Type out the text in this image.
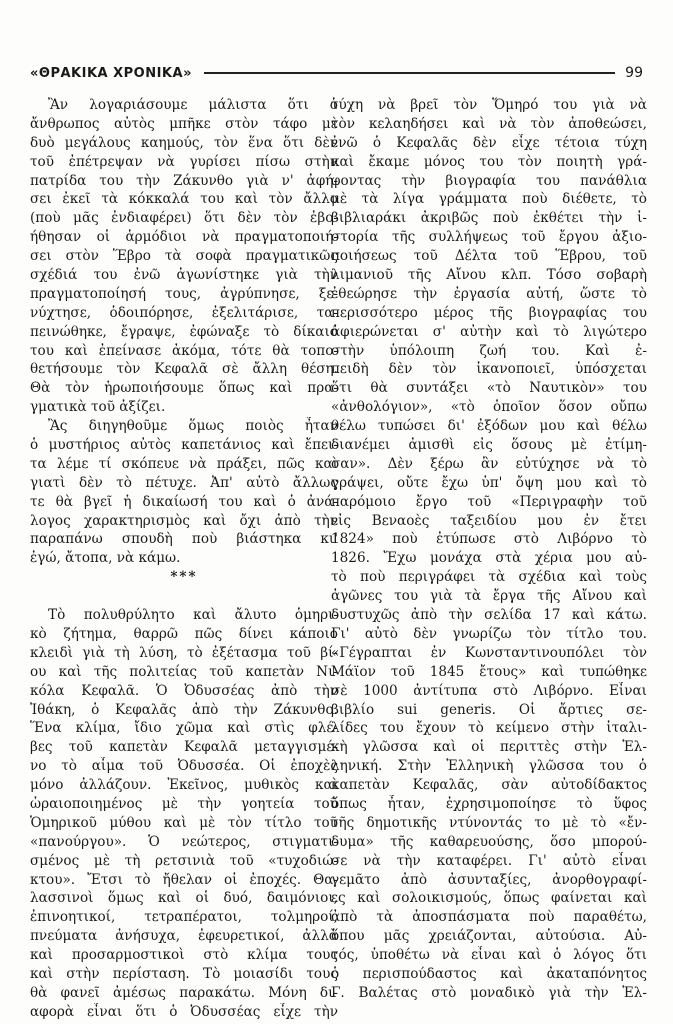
«ΘΡΑΚΙΚΑ ΧΡΟΝΙΚΑ»	99
Ἂν λογαριάσουμε μάλιστα ὅτι ὁ
ἄνθρωπος αὐτὸς μπῆκε στὸν τάφο μὲ
δυὸ μεγάλους καημούς, τὸν ἕνα ὅτι δὲν
τοῦ ἐπέτρεψαν νὰ γυρίσει πίσω στὴν
πατρίδα του τὴν Ζάκυνθο γιὰ ν' ἀφή-
σει ἐκεῖ τὰ κόκκαλά του καὶ τὸν ἄλλο
(ποὺ μᾶς ἐνδιαφέρει) ὅτι δὲν τὸν ἐβο-
ήθησαν οἱ ἁρμόδιοι νὰ πραγματοποιή-
σει στὸν Ἕβρο τὰ σοφὰ πραγματικῶς
σχέδιά του ἐνῶ ἀγωνίστηκε γιὰ τὴν
πραγματοποίησή τους, ἀγρύπνησε, ξε-
νύχτησε, ὁδοιπόρησε, ἐξελιτάρισε, τα-
πεινώθηκε, ἔγραψε, ἐφώναξε τὸ δίκαιό
του καὶ ἐπείνασε ἀκόμα, τότε θὰ τοπο-
θετήσουμε τὸν Κεφαλᾶ σὲ ἄλλη θέση.
Θὰ τὸν ἡρωποιήσουμε ὅπως καὶ πρα-
γματικὰ τοῦ ἀξίζει.
Ἂς διηγηθοῦμε ὅμως ποιὸς ἦταν
ὁ μυστήριος αὐτὸς καπετάνιος καὶ ἔπει-
τα λέμε τί σκόπευε νὰ πράξει, πῶς καὶ
γιατὶ δὲν τὸ πέτυχε. Ἀπ' αὐτὸ ἄλλως
τε θὰ βγεῖ ἡ δικαίωσή του καὶ ὁ ἀνά-
λογος χαρακτηρισμὸς καὶ ὄχι ἀπὸ τὴν
παραπάνω σπουδὴ ποὺ βιάστηκα κι'
ἐγώ, ἄτοπα, νὰ κάμω.
***
Τὸ πολυθρύλητο καὶ ἄλυτο ὁμηρι-
κὸ ζήτημα, θαρρῶ πῶς δίνει κάποιο
κλειδὶ γιὰ τὴ λύση, τὸ ἐξέτασμα τοῦ βί-
ου καὶ τῆς πολιτείας τοῦ καπετὰν Νι-
κόλα Κεφαλᾶ. Ὁ Ὀδυσσέας ἀπὸ τὴν
Ἰθάκη, ὁ Κεφαλᾶς ἀπὸ τὴν Ζάκυνθο.
Ἕνα κλίμα, ἴδιο χῶμα καὶ στὶς φλέ-
βες τοῦ καπετὰν Κεφαλᾶ μεταγγισμέ-
νο τὸ αἷμα τοῦ Ὀδυσσέα. Οἱ ἐποχὲς
μόνο ἀλλάζουν. Ἐκεῖνος, μυθικὸς καὶ
ὡραιοποιημένος μὲ τὴν γοητεία τοῦ
Ὁμηρικοῦ μύθου καὶ μὲ τὸν τίτλο τοῦ
«πανούργου». Ὁ νεώτερος, στιγματι-
σμένος μὲ τὴ ρετσινιὰ τοῦ «τυχοδιώ-
κτου». Ἔτσι τὸ ἤθελαν οἱ ἐποχές. Θα-
λασσινοὶ ὅμως καὶ οἱ δυό, δαιμόνιοι,
ἐπινοητικοί, τετραπέρατοι, τολμηροί,
πνεύματα ἀνήσυχα, ἐφευρετικοί, ἀλλὰ
καὶ προσαρμοστικοὶ στὸ κλίμα τους
καὶ στὴν περίσταση. Τὸ μοιασίδι τους
θὰ φανεῖ ἀμέσως παρακάτω. Μόνη δι-
αφορὰ εἶναι ὅτι ὁ Ὀδυσσέας εἶχε τὴν
τύχη νὰ βρεῖ τὸν Ὅμηρό του γιὰ νὰ
τὸν κελαηδήσει καὶ νὰ τὸν ἀποθεώσει,
ἐνῶ ὁ Κεφαλᾶς δὲν εἶχε τέτοια τύχη
καὶ ἔκαμε μόνος του τὸν ποιητὴ γρά-
φοντας τὴν βιογραφία του πανάθλια
μὲ τὰ λίγα γράμματα ποὺ διέθετε, τὸ
βιβλιαράκι ἀκριβῶς ποὺ ἐκθέτει τὴν ἱ-
στορία τῆς συλλήψεως τοῦ ἔργου ἀξιο-
ποιήσεως τοῦ Δέλτα τοῦ Ἕβρου, τοῦ
λιμανιοῦ τῆς Αἴνου κλπ. Τόσο σοβαρὴ
ἐθεώρησε τὴν ἐργασία αὐτή, ὥστε τὸ
περισσότερο μέρος τῆς βιογραφίας του
ἀφιερώνεται σ' αὐτὴν καὶ τὸ λιγώτερο
στὴν ὑπόλοιπη ζωή του. Καὶ ἐ-
πειδὴ δὲν τὸν ἱκανοποιεῖ, ὑπόσχεται
ὅτι θὰ συντάξει «τὸ Ναυτικὸν» του
«ἀνθολόγιον», «τὸ ὁποῖον ὅσον οὔπω
θέλω τυπώσει δι' ἐξόδων μου καὶ θέλω
διανέμει ἀμισθὶ εἰς ὅσους μὲ ἐτίμη-
σαν». Δὲν ξέρω ἂν εὐτύχησε νὰ τὸ
γράψει, οὔτε ἔχω ὑπ' ὄψη μου καὶ τὸ
παρόμοιο ἔργο τοῦ «Περιγραφὴν τοῦ
εἰς Βεναοὲς ταξειδίου μου ἐν ἔτει
1824» ποὺ ἐτύπωσε στὸ Λιβόρνο τὸ
1826. Ἔχω μονάχα στὰ χέρια μου αὐ-
τὸ ποὺ περιγράφει τὰ σχέδια καὶ τοὺς
ἀγῶνες του γιὰ τὰ ἔργα τῆς Αἴνου καὶ
δυστυχῶς ἀπὸ τὴν σελίδα 17 καὶ κάτω.
Γι' αὐτὸ δὲν γνωρίζω τὸν τίτλο του.
«Γέγραπται ἐν Κωνσταντινουπόλει τὸν
Μάϊον τοῦ 1845 ἔτους» καὶ τυπώθηκε
σὲ 1000 ἀντίτυπα στὸ Λιβόρνο. Εἶναι
βιβλίο sui generis. Οἱ ἄρτιες σε-
λίδες του ἔχουν τὸ κείμενο στὴν ἰταλι-
κὴ γλῶσσα καὶ οἱ περιττὲς στὴν Ἑλ-
ληνική. Στὴν Ἑλληνικὴ γλῶσσα του ὁ
καπετὰν Κεφαλᾶς, σὰν αὐτοδίδακτος
ὅπως ἦταν, ἐχρησιμοποίησε τὸ ὕφος
τῆς δημοτικῆς ντύνοντάς το μὲ τὸ «ἔν-
δυμα» τῆς καθαρευούσης, ὅσο μπορού-
σε νὰ τὴν καταφέρει. Γι' αὐτὸ εἶναι
γεμᾶτο ἀπὸ ἀσυνταξίες, ἀνορθογραφί-
ες καὶ σολοικισμούς, ὅπως φαίνεται καὶ
ἀπὸ τὰ ἀποσπάσματα ποὺ παραθέτω,
ὅπου μᾶς χρειάζονται, αὐτούσια. Αὐ-
τός, ὑποθέτω νὰ εἶναι καὶ ὁ λόγος ὅτι
ὁ περισπούδαστος καὶ ἀκαταπόνητος
Γ. Βαλέτας στὸ μοναδικὸ γιὰ τὴν Ἑλ-
